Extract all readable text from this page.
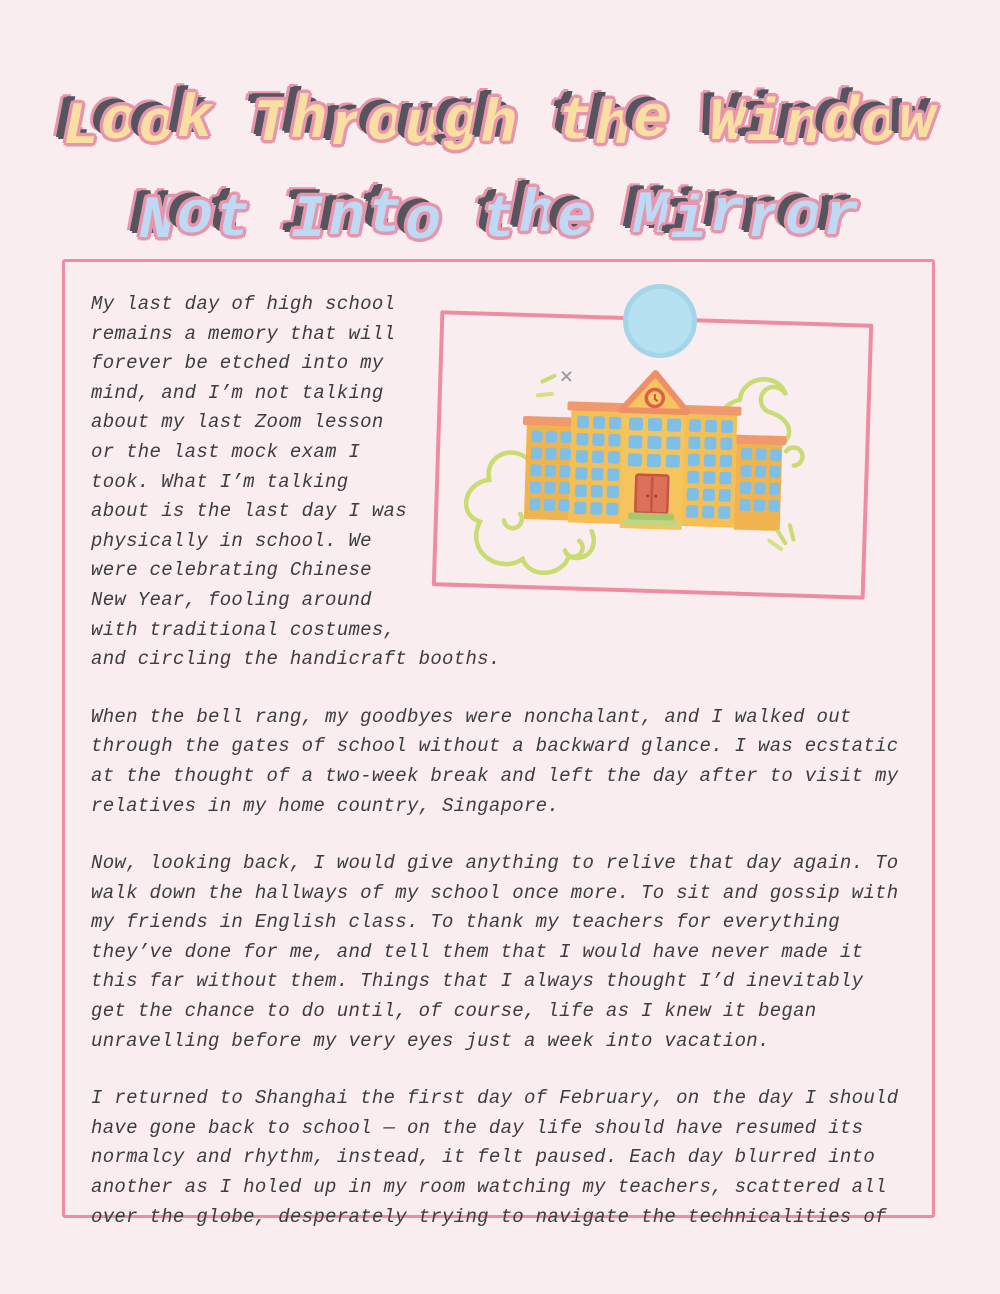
Look Through the Window
Not Into the Mirror

My last day of high school remains a memory that will forever be etched into my mind, and I’m not talking about my last Zoom lesson or the last mock exam I took. What I’m talking about is the last day I was physically in school. We were celebrating Chinese New Year, fooling around with traditional costumes, and circling the handicraft booths.

When the bell rang, my goodbyes were nonchalant, and I walked out through the gates of school without a backward glance. I was ecstatic at the thought of a two-week break and left the day after to visit my relatives in my home country, Singapore.

Now, looking back, I would give anything to relive that day again. To walk down the hallways of my school once more. To sit and gossip with my friends in English class. To thank my teachers for everything they’ve done for me, and tell them that I would have never made it this far without them. Things that I always thought I’d inevitably get the chance to do until, of course, life as I knew it began unravelling before my very eyes just a week into vacation.

I returned to Shanghai the first day of February, on the day I should have gone back to school — on the day life should have resumed its normalcy and rhythm, instead, it felt paused. Each day blurred into another as I holed up in my room watching my teachers, scattered all over the globe, desperately trying to navigate the technicalities of
